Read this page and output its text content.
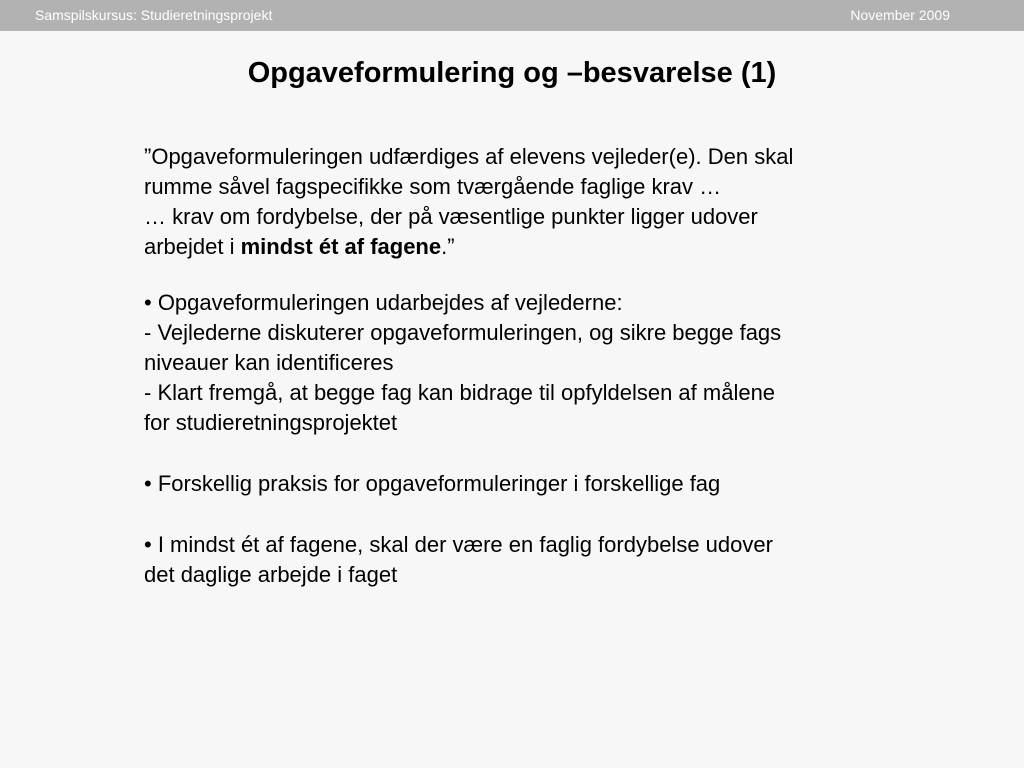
Samspilskursus: Studieretningsprojekt	November 2009
Opgaveformulering og –besvarelse (1)

”Opgaveformuleringen udfærdiges af elevens vejleder(e). Den skal

rumme såvel fagspecifikke som tværgående faglige krav …

… krav om fordybelse, der på væsentlige punkter ligger udover

arbejdet i mindst ét af fagene.”

• Opgaveformuleringen udarbejdes af vejlederne:

- Vejlederne diskuterer opgaveformuleringen, og sikre begge fags

niveauer kan identificeres

- Klart fremgå, at begge fag kan bidrage til opfyldelsen af målene

for studieretningsprojektet

• Forskellig praksis for opgaveformuleringer i forskellige fag

• I mindst ét af fagene, skal der være en faglig fordybelse udover

det daglige arbejde i faget
